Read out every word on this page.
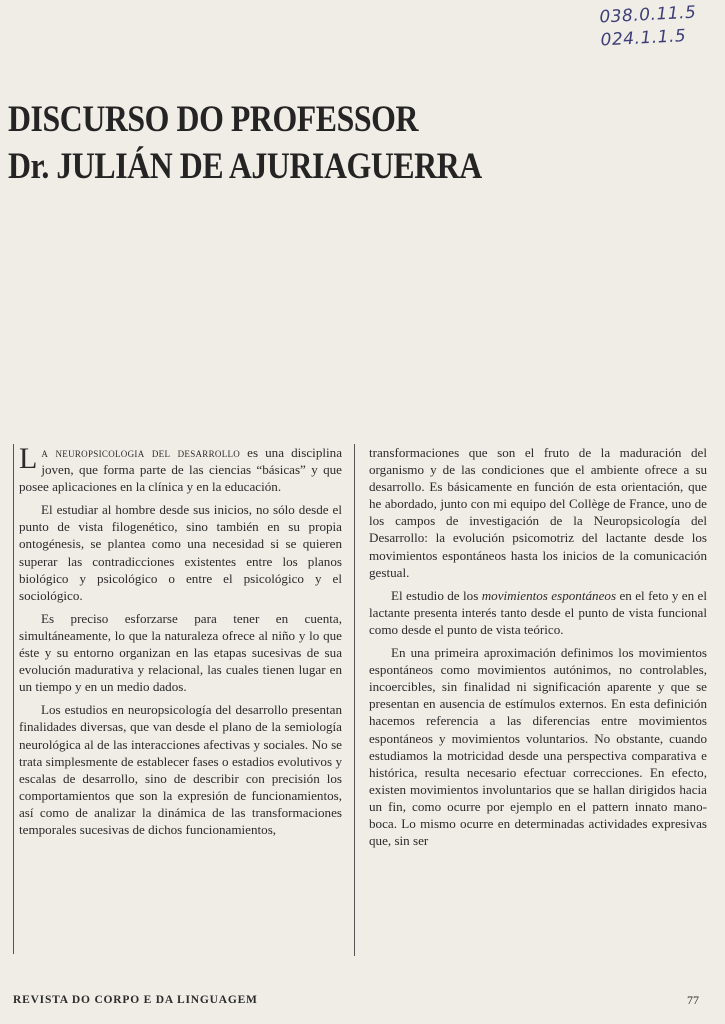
038.0.11.5
024.1.1.5
DISCURSO DO PROFESSOR
Dr. JULIÁN DE AJURIAGUERRA

La neuropsicologia del desarrollo es una disciplina joven, que forma parte de las ciencias “básicas” y que posee aplicaciones en la clínica y en la educación.

El estudiar al hombre desde sus inicios, no sólo desde el punto de vista filogenético, sino también en su propia ontogénesis, se plantea como una necesidad si se quieren superar las contradicciones existentes entre los planos biológico y psicológico o entre el psicológico y el sociológico.

Es preciso esforzarse para tener en cuenta, simultáneamente, lo que la naturaleza ofrece al niño y lo que éste y su entorno organizan en las etapas sucesivas de sua evolución madurativa y relacional, las cuales tienen lugar en un tiempo y en un medio dados.

Los estudios en neuropsicología del desarrollo presentan finalidades diversas, que van desde el plano de la semiología neurológica al de las interacciones afectivas y sociales. No se trata simplesmente de establecer fases o estadios evolutivos y escalas de desarrollo, sino de describir con precisión los comportamientos que son la expresión de funcionamientos, así como de analizar la dinámica de las transformaciones temporales sucesivas de dichos funcionamientos,

transformaciones que son el fruto de la maduración del organismo y de las condiciones que el ambiente ofrece a su desarrollo. Es básicamente en función de esta orientación, que he abordado, junto con mi equipo del Collège de France, uno de los campos de investigación de la Neuropsicología del Desarrollo: la evolución psicomotriz del lactante desde los movimientos espontáneos hasta los inicios de la comunicación gestual.

El estudio de los movimientos espontáneos en el feto y en el lactante presenta interés tanto desde el punto de vista funcional como desde el punto de vista teórico.

En una primeira aproximación definimos los movimientos espontáneos como movimientos autónimos, no controlables, incoercibles, sin finalidad ni significación aparente y que se presentan en ausencia de estímulos externos. En esta definición hacemos referencia a las diferencias entre movimientos espontáneos y movimientos voluntarios. No obstante, cuando estudiamos la motricidad desde una perspectiva comparativa e histórica, resulta necesario efectuar correcciones. En efecto, existen movimientos involuntarios que se hallan dirigidos hacia un fin, como ocurre por ejemplo en el pattern innato mano-boca. Lo mismo ocurre en determinadas actividades expresivas que, sin ser

REVISTA DO CORPO E DA LINGUAGEM	77
